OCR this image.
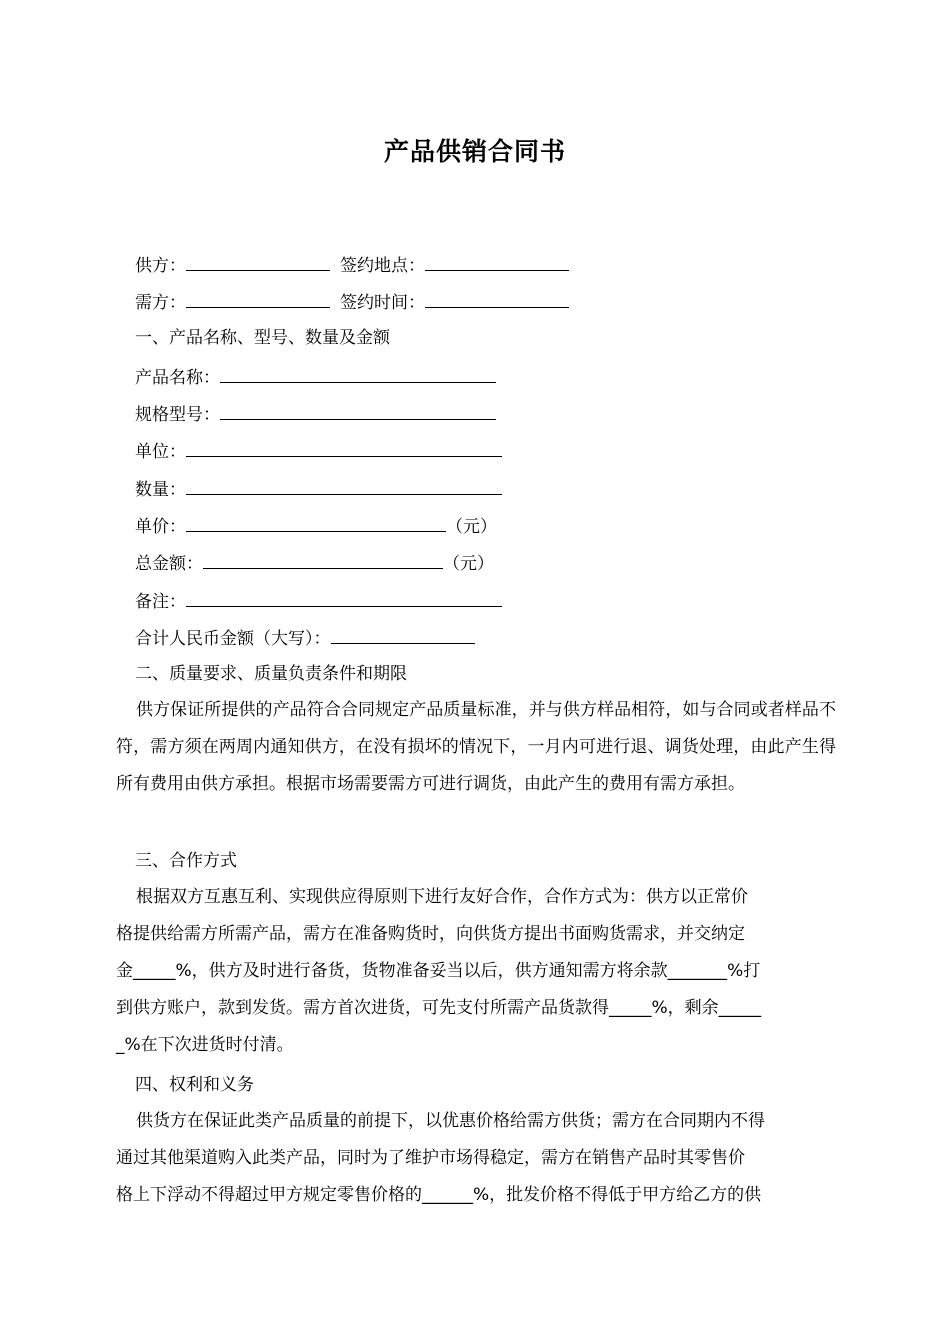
产品供销合同书
供方：	签约地点：
需方：	签约时间：
一、产品名称、型号、数量及金额
产品名称：
规格型号：
单位：
数量：
单价：	（元）
总金额：	（元）
备注：
合计人民币金额（大写）：
二、质量要求、质量负责条件和期限

供方保证所提供的产品符合合同规定产品质量标准，并与供方样品相符，如与合同或者样品不符，需方须在两周内通知供方，在没有损坏的情况下，一月内可进行退、调货处理，由此产生得所有费用由供方承担。根据市场需要需方可进行调货，由此产生的费用有需方承担。

三、合作方式

根据双方互惠互利、实现供应得原则下进行友好合作，合作方式为：供方以正常价

格提供给需方所需产品，需方在准备购货时，向供货方提出书面购货需求，并交纳定

金_____%，供方及时进行备货，货物准备妥当以后，供方通知需方将余款_______%打

到供方账户，款到发货。需方首次进货，可先支付所需产品货款得_____%，剩余_____

_%在下次进货时付清。

四、权利和义务

供货方在保证此类产品质量的前提下，以优惠价格给需方供货；需方在合同期内不得

通过其他渠道购入此类产品，同时为了维护市场得稳定，需方在销售产品时其零售价

格上下浮动不得超过甲方规定零售价格的______%，批发价格不得低于甲方给乙方的供
